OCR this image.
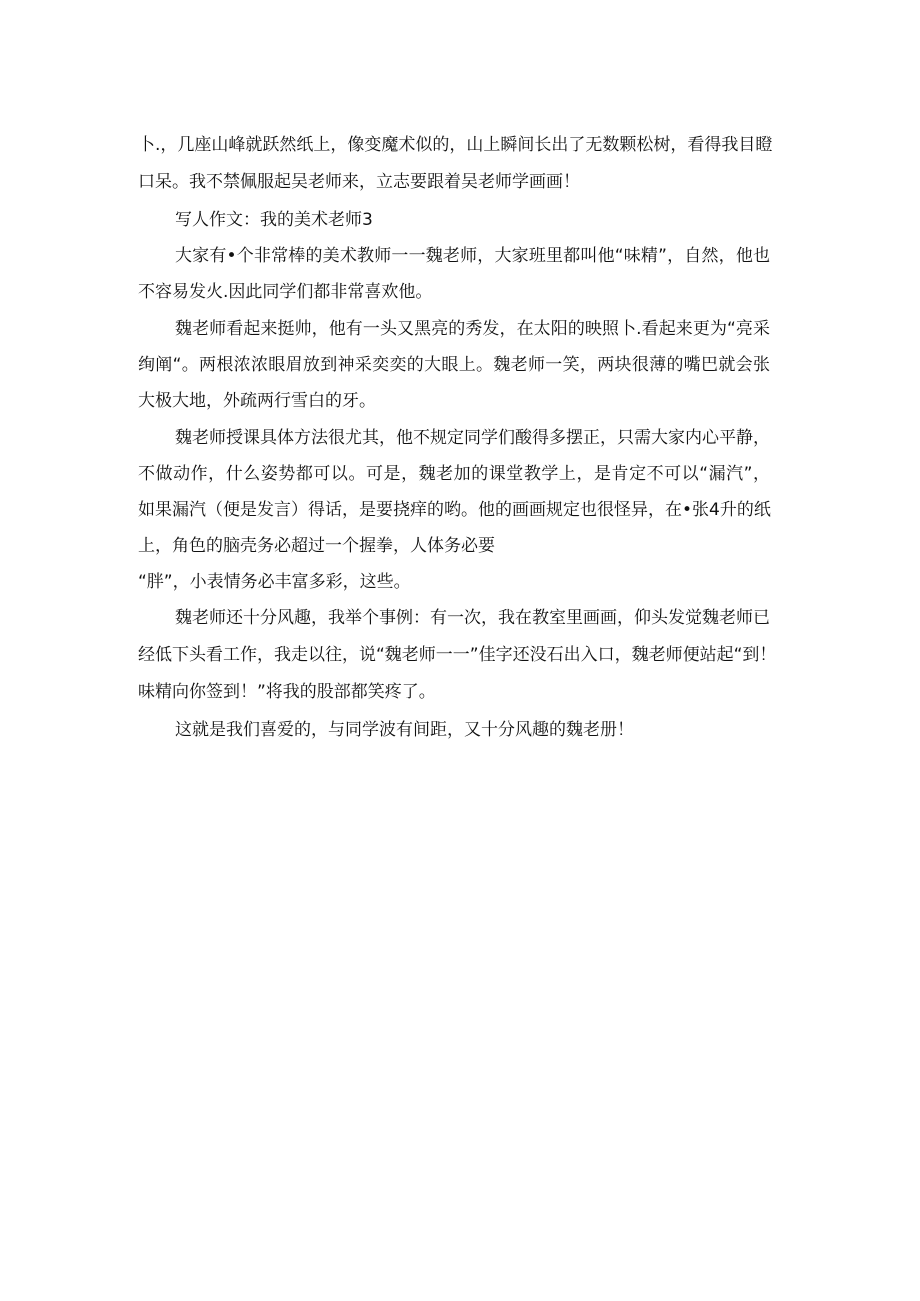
卜.，几座山峰就跃然纸上，像变魔术似的，山上瞬间长出了无数颗松树，看得我目瞪
口呆。我不禁佩服起吴老师来，立志要跟着吴老师学画画！
写人作文：我的美术老师3
大家有•个非常棒的美术教师一一魏老师，大家班里都叫他“味精”，自然，他也
不容易发火.因此同学们都非常喜欢他。
魏老师看起来挺帅，他有一头又黑亮的秀发，在太阳的映照卜.看起来更为“亮采
绚阐“。两根浓浓眼眉放到神采奕奕的大眼上。魏老师一笑，两块很薄的嘴巴就会张
大极大地，外疏两行雪白的牙。
魏老师授课具体方法很尤其，他不规定同学们酸得多摆正，只需大家内心平静，
不做动作，什么姿势都可以。可是，魏老加的课堂教学上，是肯定不可以“漏汽”，
如果漏汽（便是发言）得话，是要挠痒的哟。他的画画规定也很怪异，在•张4升的纸
上，角色的脑壳务必超过一个握拳，人体务必要
“胖”，小表情务必丰富多彩，这些。
魏老师还十分风趣，我举个事例：有一次，我在教室里画画，仰头发觉魏老师已
经低下头看工作，我走以往，说“魏老师一一”佳字还没石出入口，魏老师便站起“到！
味精向你签到！”将我的股部都笑疼了。
这就是我们喜爱的，与同学波有间距，又十分风趣的魏老册！
